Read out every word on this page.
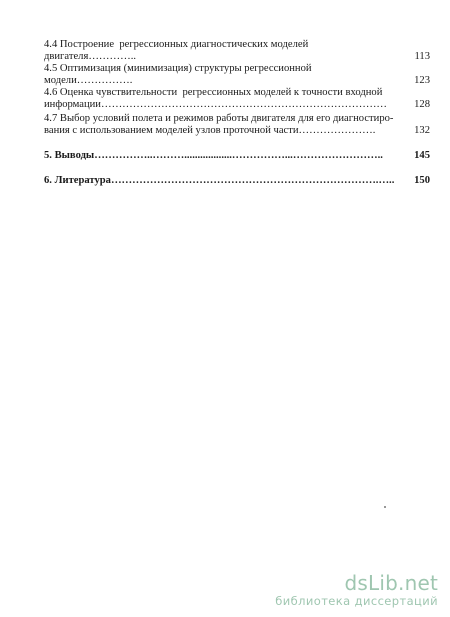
4.4 Построение  регрессионных диагностических моделей двигателя…………..	113
4.5 Оптимизация (минимизация) структуры регрессионной модели…………….	123
4.6 Оценка чувствительности  регрессионных моделей к точности входной информации………………………………………………………………………	128
4.7 Выбор условий полета и режимов работы двигателя для его диагностиро-вания с использованием моделей узлов проточной части………………….	132
5. Выводы……………..………..................……………...……………………..	145
6. Литература………………………………………………………………….…..	150
dsLib.net
библиотека диссертаций
